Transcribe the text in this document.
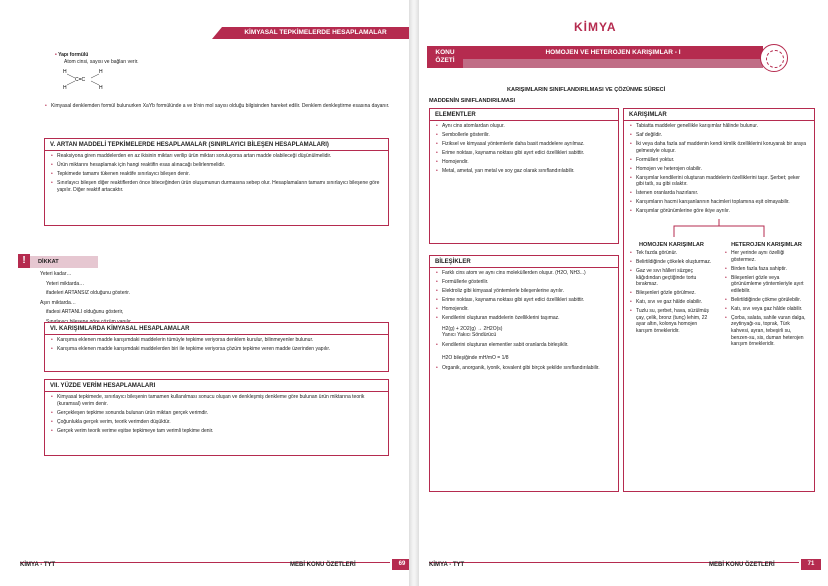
KİMYASAL TEPKİMELERDE HESAPLAMALAR
• Yapı formülü
Atom cinsi, sayısı ve bağları verir.
H	H
H	H
C=C
• Kimyasal denklemden formül bulunurken XaYb formülünde a ve b'nin mol sayısı olduğu bilgisinden hareket edilir. Denklem denkleştirme esasına dayanır.
V. ARTAN MADDELİ TEPKİMELERDE HESAPLAMALAR (SINIRLAYICI BİLEŞEN HESAPLAMALARI)
• Reaksiyona giren maddelerden en az ikisinin miktarı verilip ürün miktarı soruluyorsa artan madde olabileceği düşünülmelidir.
• Ürün miktarını hesaplamak için hangi reaktifin esas alınacağı belirlenmelidir.
• Tepkimede tamamı tükenen reaktife sınırlayıcı bileşen denir.
• Sınırlayıcı bileşen diğer reaktiflerden önce biteceğinden ürün oluşumunun durmasına sebep olur. Hesaplamaların tamamı sınırlayıcı bileşene göre yapılır. Diğer reaktif artacaktır.
!	DİKKAT
Yeteri kadar…
Yeteri miktarda…
ifadeleri ARTANSIZ olduğunu gösterir.
Aşırı miktarda…
ifadesi ARTANLI olduğunu gösterir,
VI. KARIŞIMLARDA KİMYASAL HESAPLAMALAR
• Karışıma eklenen madde karışımdaki maddelerin tümüyle tepkime veriyorsa denklem kurulur, bilinmeyenler bulunur.
• Karışıma eklenen madde karışımdaki maddelerden biri ile tepkime veriyorsa çözüm tepkime veren madde üzerinden yapılır.
VII. YÜZDE VERİM HESAPLAMALARI
• Kimyasal tepkimede, sınırlayıcı bileşenin tamamen kullanılması sonucu oluşan ve denkleşmiş denkleme göre bulunan ürün miktarına teorik (kuramsal) verim denir.
• Gerçekleşen tepkime sonunda bulunan ürün miktarı gerçek verimdir.
• Çoğunlukla gerçek verim, teorik verimden düşüktür.
• Gerçek verim teorik verime eşitse tepkimeye tam verimli tepkime denir.
KİMYA - TYT	MEBİ KONU ÖZETLERİ	69
KİMYA
KONU
ÖZETİ
HOMOJEN VE HETEROJEN KARIŞIMLAR - I
KARIŞIMLARIN SINIFLANDIRILMASI VE ÇÖZÜNME SÜRECİ
MADDENİN SINIFLANDIRILMASI
ELEMENTLER
• Aynı cins atomlardan oluşur.
• Sembollerle gösterilir.
• Fiziksel ve kimyasal yöntemlerle daha basit maddelere ayrılmaz.
• Erime noktası, kaynama noktası gibi ayırt edici özellikleri sabittir.
• Homojendir.
• Metal, ametal, yarı metal ve soy gaz olarak sınıflandırılabilir.
BİLEŞİKLER
• Farklı cins atom ve aynı cins moleküllerden oluşur. (H2O, NH3...)
• Formüllerle gösterilir.
• Elektroliz gibi kimyasal yöntemlerle bileşenlerine ayrılır.
• Erime noktası, kaynama noktası gibi ayırt edici özellikleri sabittir.
• Homojendir.
• Kendilerini oluşturan maddelerin özelliklerini taşımaz.
H2(g) + 2O2(g) → 2H2O(s)
Yanıcı Yakıcı Söndürücü
• Kendilerini oluşturan elementler sabit oranlarda birleşiklir.
H2O bileşiğinde mH/mO = 1/8
• Organik, anorganik, iyonik, kovalent gibi birçok şekilde sınıflandırılabilir.
KARIŞIMLAR
• Tabiatta maddeler genellikle karışımlar hâlinde bulunur.
• Saf değildir.
• İki veya daha fazla saf maddenin kendi kimlik özelliklerini koruyarak bir araya gelmesiyle oluşur.
• Formülleri yoktur.
• Homojen ve heterojen olabilir.
• Karışımlar kendilerini oluşturan maddelerin özelliklerini taşır. Şerbet; şeker gibi tatlı, su gibi ıslaktır.
• İstenen oranlarda hazırlanır.
• Karışımların hacmi karışanlarının hacimleri toplamına eşit olmayabilir.
• Karışımlar görünümlerine göre ikiye ayrılır.
HOMOJEN KARIŞIMLAR
• Tek fazda görünür.
• Belirtildiğinde çökelek oluşturmaz.
• Gaz ve sıvı hâlleri süzgeç kâğıdından geçtiğinde tortu bırakmaz.
• Bileşenleri gözle görülmez.
• Katı, sıvı ve gaz hâlde olabilir.
• Tuzlu su, şerbet, hava, süzülmüş çay, çelik, bronz (tunç) lehim, 22 ayar altın, kolonya homojen karışım örnekleridir.
HETEROJEN KARIŞIMLAR
• Her yerinde aynı özelliği göstermez.
• Birden fazla faza sahiptir.
• Bileşenleri gözle veya görünümleme yöntemleriyle ayırt edilebilir.
• Belirtildiğinde çökme görülebilir.
• Katı, sıvı veya gaz hâlde olabilir.
• Çorba, salata, sahile vuran dalga, zeytinyağı-su, toprak, Türk kahvesi, ayran, tebeşirli su, benzen-su, sis, duman heterojen karışım örnekleridir.
KİMYA - TYT	MEBİ KONU ÖZETLERİ	71
